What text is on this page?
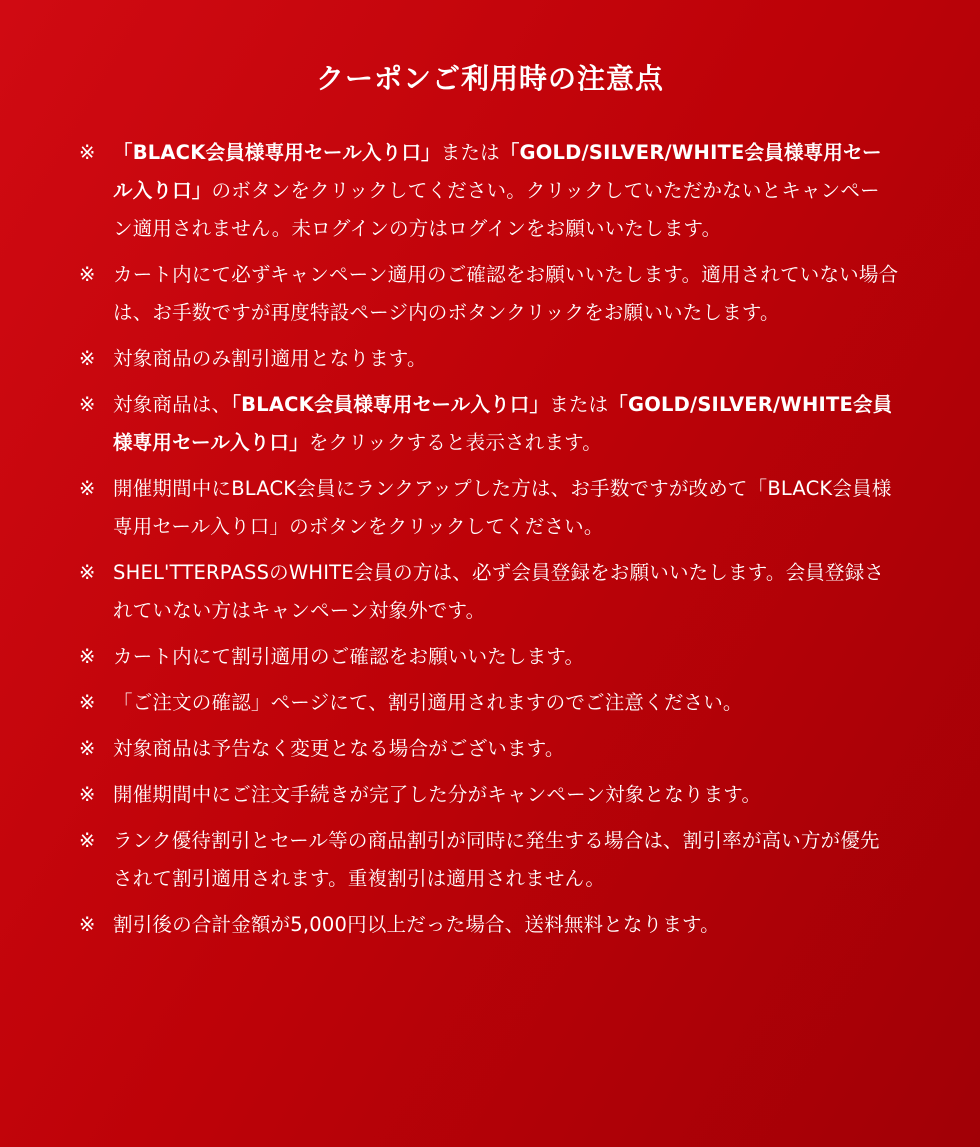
クーポンご利用時の注意点
※ 「BLACK会員様専用セール入り口」または「GOLD/SILVER/WHITE会員様専用セール入り口」のボタンをクリックしてください。クリックしていただかないとキャンペーン適用されません。未ログインの方はログインをお願いいたします。
※ カート内にて必ずキャンペーン適用のご確認をお願いいたします。適用されていない場合は、お手数ですが再度特設ページ内のボタンクリックをお願いいたします。
※ 対象商品のみ割引適用となります。
※ 対象商品は、「BLACK会員様専用セール入り口」または「GOLD/SILVER/WHITE会員様専用セール入り口」をクリックすると表示されます。
※ 開催期間中にBLACK会員にランクアップした方は、お手数ですが改めて「BLACK会員様専用セール入り口」のボタンをクリックしてください。
※ SHEL'TTERPASSのWHITE会員の方は、必ず会員登録をお願いいたします。会員登録されていない方はキャンペーン対象外です。
※ カート内にて割引適用のご確認をお願いいたします。
※ 「ご注文の確認」ページにて、割引適用されますのでご注意ください。
※ 対象商品は予告なく変更となる場合がございます。
※ 開催期間中にご注文手続きが完了した分がキャンペーン対象となります。
※ ランク優待割引とセール等の商品割引が同時に発生する場合は、割引率が高い方が優先されて割引適用されます。重複割引は適用されません。
※ 割引後の合計金額が5,000円以上だった場合、送料無料となります。
